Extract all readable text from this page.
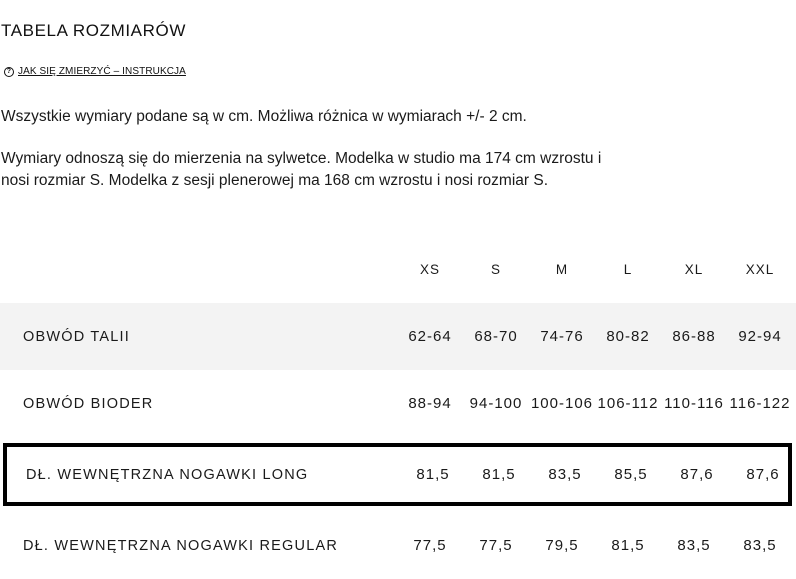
TABELA ROZMIARÓW
? JAK SIĘ ZMIERZYĆ – INSTRUKCJA
Wszystkie wymiary podane są w cm. Możliwa różnica w wymiarach +/- 2 cm.
Wymiary odnoszą się do mierzenia na sylwetce. Modelka w studio ma 174 cm wzrostu i nosi rozmiar S. Modelka z sesji plenerowej ma 168 cm wzrostu i nosi rozmiar S.
XS	S	M	L	XL	XXL
OBWÓD TALII	62-64	68-70	74-76	80-82	86-88	92-94
OBWÓD BIODER	88-94	94-100 100-106 106-112 110-116 116-122
DŁ. WEWNĘTRZNA NOGAWKI LONG	81,5	81,5	83,5	85,5	87,6	87,6
DŁ. WEWNĘTRZNA NOGAWKI REGULAR	77,5	77,5	79,5	81,5	83,5	83,5
